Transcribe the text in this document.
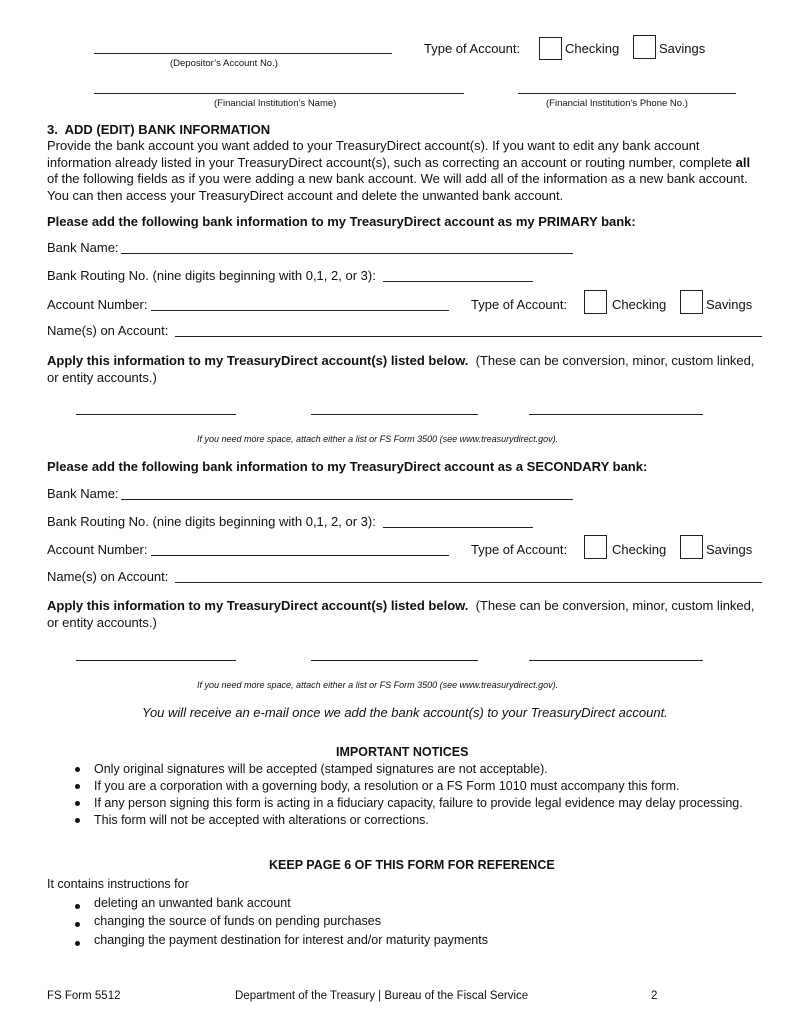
(Depositor’s Account No.)
Type of Account:	Checking	Savings
(Financial Institution’s Name)	(Financial Institution’s Phone No.)
3. ADD (EDIT) BANK INFORMATION
Provide the bank account you want added to your TreasuryDirect account(s). If you want to edit any bank account
information already listed in your TreasuryDirect account(s), such as correcting an account or routing number, complete all
of the following fields as if you were adding a new bank account. We will add all of the information as a new bank account.
You can then access your TreasuryDirect account and delete the unwanted bank account.
Please add the following bank information to my TreasuryDirect account as my PRIMARY bank:
Bank Name:
Bank Routing No. (nine digits beginning with 0,1, 2, or 3):
Account Number:	Type of Account:	Checking	Savings
Name(s) on Account:
Apply this information to my TreasuryDirect account(s) listed below.  (These can be conversion, minor, custom linked,
or entity accounts.)
If you need more space, attach either a list or FS Form 3500 (see www.treasurydirect.gov).
Please add the following bank information to my TreasuryDirect account as a SECONDARY bank:
Bank Name:
Bank Routing No. (nine digits beginning with 0,1, 2, or 3):
Account Number:	Type of Account:	Checking	Savings
Name(s) on Account:
Apply this information to my TreasuryDirect account(s) listed below.  (These can be conversion, minor, custom linked,
or entity accounts.)
If you need more space, attach either a list or FS Form 3500 (see www.treasurydirect.gov).
You will receive an e-mail once we add the bank account(s) to your TreasuryDirect account.
IMPORTANT NOTICES
Only original signatures will be accepted (stamped signatures are not acceptable).
If you are a corporation with a governing body, a resolution or a FS Form 1010 must accompany this form.
If any person signing this form is acting in a fiduciary capacity, failure to provide legal evidence may delay processing.
This form will not be accepted with alterations or corrections.
KEEP PAGE 6 OF THIS FORM FOR REFERENCE
It contains instructions for
deleting an unwanted bank account
changing the source of funds on pending purchases
changing the payment destination for interest and/or maturity payments
FS Form 5512	Department of the Treasury | Bureau of the Fiscal Service	2
